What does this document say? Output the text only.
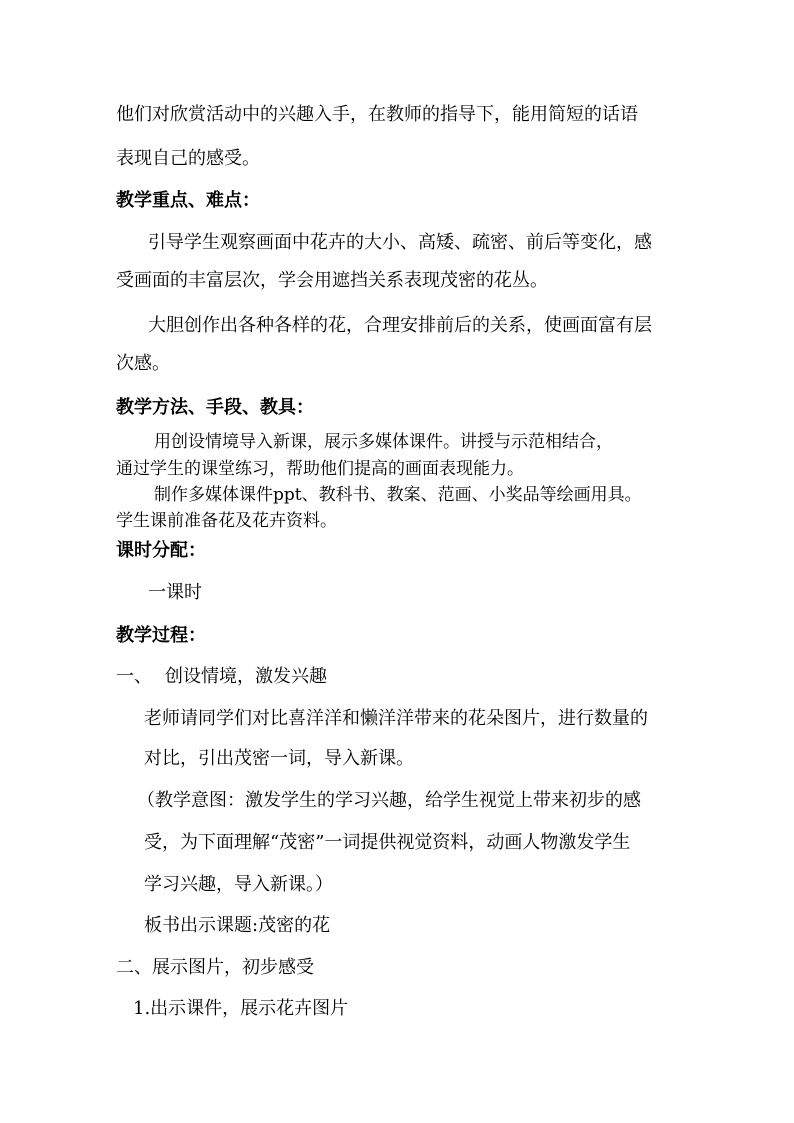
他们对欣赏活动中的兴趣入手，在教师的指导下，能用简短的话语
表现自己的感受。
教学重点、难点：
引导学生观察画面中花卉的大小、高矮、疏密、前后等变化，感
受画面的丰富层次，学会用遮挡关系表现茂密的花丛。
大胆创作出各种各样的花，合理安排前后的关系，使画面富有层
次感。
教学方法、手段、教具：
用创设情境导入新课，展示多媒体课件。讲授与示范相结合，
通过学生的课堂练习，帮助他们提高的画面表现能力。
制作多媒体课件ppt、教科书、教案、范画、小奖品等绘画用具。
学生课前准备花及花卉资料。
课时分配：
一课时
教学过程：
一、 创设情境，激发兴趣
老师请同学们对比喜洋洋和懒洋洋带来的花朵图片，进行数量的
对比，引出茂密一词，导入新课。
（教学意图：激发学生的学习兴趣，给学生视觉上带来初步的感
受，为下面理解“茂密”一词提供视觉资料，动画人物激发学生
学习兴趣，导入新课。）
板书出示课题:茂密的花
二、展示图片，初步感受
1.出示课件，展示花卉图片
